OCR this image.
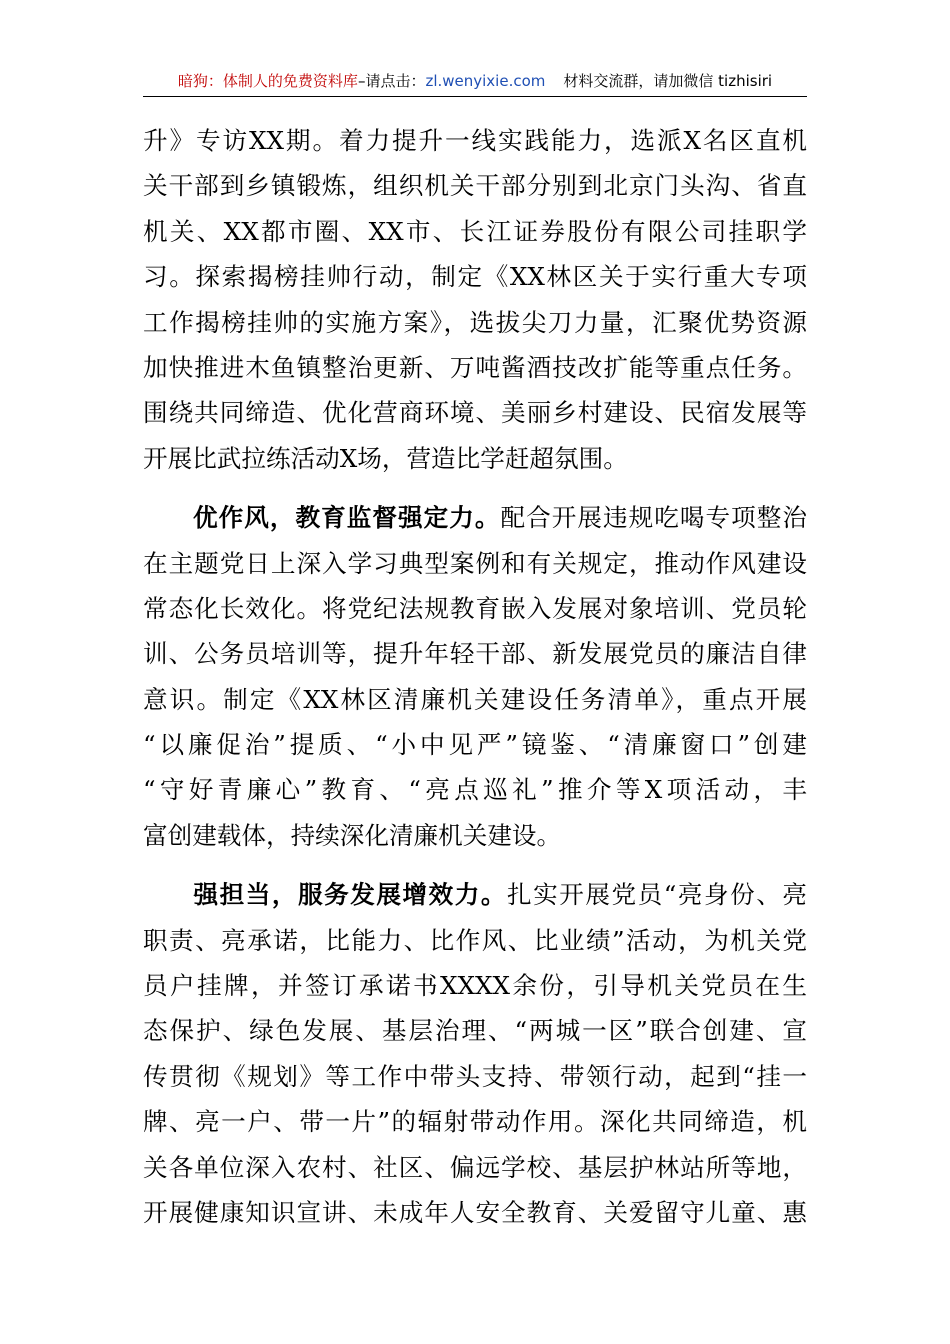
暗狗：体制人的免费资料库–请点击：zl.wenyixie.com 材料交流群，请加微信 tizhisiri
升》专访XX期。着力提升一线实践能力，选派X名区直机
关干部到乡镇锻炼，组织机关干部分别到北京门头沟、省直
机关、XX都市圈、XX市、长江证券股份有限公司挂职学
习。探索揭榜挂帅行动，制定《XX林区关于实行重大专项
工作揭榜挂帅的实施方案》，选拔尖刀力量，汇聚优势资源
加快推进木鱼镇整治更新、万吨酱酒技改扩能等重点任务。
围绕共同缔造、优化营商环境、美丽乡村建设、民宿发展等
开展比武拉练活动X场，营造比学赶超氛围。
优作风，教育监督强定力。配合开展违规吃喝专项整治
在主题党日上深入学习典型案例和有关规定，推动作风建设
常态化长效化。将党纪法规教育嵌入发展对象培训、党员轮
训、公务员培训等，提升年轻干部、新发展党员的廉洁自律
意识。制定《XX林区清廉机关建设任务清单》，重点开展
“以廉促治”提质、“小中见严”镜鉴、“清廉窗口”创建
“守好青廉心”教育、“亮点巡礼”推介等X项活动，丰
富创建载体，持续深化清廉机关建设。
强担当，服务发展增效力。扎实开展党员“亮身份、亮
职责、亮承诺，比能力、比作风、比业绩”活动，为机关党
员户挂牌，并签订承诺书XXXX余份，引导机关党员在生
态保护、绿色发展、基层治理、“两城一区”联合创建、宣
传贯彻《规划》等工作中带头支持、带领行动，起到“挂一
牌、亮一户、带一片”的辐射带动作用。深化共同缔造，机
关各单位深入农村、社区、偏远学校、基层护林站所等地，
开展健康知识宣讲、未成年人安全教育、关爱留守儿童、惠
